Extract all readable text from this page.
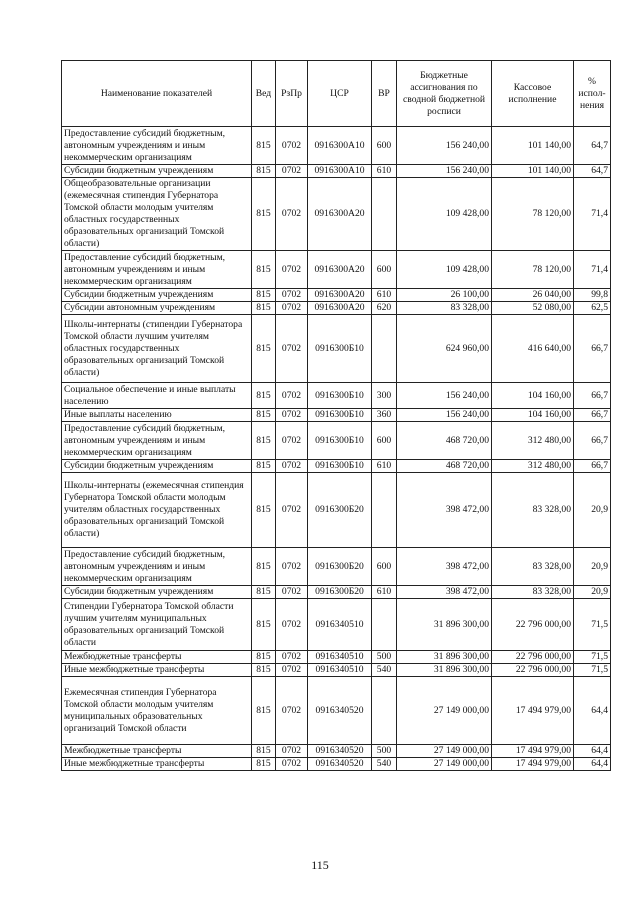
Наименование показателей	Вед	РзПр	ЦСР	ВР	Бюджетные ассигнования по сводной бюджетной росписи	Кассовое исполнение	% испол-нения
Предоставление субсидий бюджетным, автономным учреждениям и иным некоммерческим организациям	815	0702	0916300А10	600	156 240,00	101 140,00	64,7
Субсидии бюджетным учреждениям	815	0702	0916300А10	610	156 240,00	101 140,00	64,7
Общеобразовательные организации (ежемесячная стипендия Губернатора Томской области молодым учителям областных государственных образовательных организаций Томской области)	815	0702	0916300А20		109 428,00	78 120,00	71,4
Предоставление субсидий бюджетным, автономным учреждениям и иным некоммерческим организациям	815	0702	0916300А20	600	109 428,00	78 120,00	71,4
Субсидии бюджетным учреждениям	815	0702	0916300А20	610	26 100,00	26 040,00	99,8
Субсидии автономным учреждениям	815	0702	0916300А20	620	83 328,00	52 080,00	62,5
Школы-интернаты (стипендии Губернатора Томской области лучшим учителям областных государственных образовательных организаций Томской области)	815	0702	0916300Б10		624 960,00	416 640,00	66,7
Социальное обеспечение и иные выплаты населению	815	0702	0916300Б10	300	156 240,00	104 160,00	66,7
Иные выплаты населению	815	0702	0916300Б10	360	156 240,00	104 160,00	66,7
Предоставление субсидий бюджетным, автономным учреждениям и иным некоммерческим организациям	815	0702	0916300Б10	600	468 720,00	312 480,00	66,7
Субсидии бюджетным учреждениям	815	0702	0916300Б10	610	468 720,00	312 480,00	66,7
Школы-интернаты (ежемесячная стипендия Губернатора Томской области молодым учителям областных государственных образовательных организаций Томской области)	815	0702	0916300Б20		398 472,00	83 328,00	20,9
Предоставление субсидий бюджетным, автономным учреждениям и иным некоммерческим организациям	815	0702	0916300Б20	600	398 472,00	83 328,00	20,9
Субсидии бюджетным учреждениям	815	0702	0916300Б20	610	398 472,00	83 328,00	20,9
Стипендии Губернатора Томской области лучшим учителям муниципальных образовательных организаций Томской области	815	0702	0916340510		31 896 300,00	22 796 000,00	71,5
Межбюджетные трансферты	815	0702	0916340510	500	31 896 300,00	22 796 000,00	71,5
Иные межбюджетные трансферты	815	0702	0916340510	540	31 896 300,00	22 796 000,00	71,5
Ежемесячная стипендия Губернатора Томской области молодым учителям муниципальных образовательных организаций Томской области	815	0702	0916340520		27 149 000,00	17 494 979,00	64,4
Межбюджетные трансферты	815	0702	0916340520	500	27 149 000,00	17 494 979,00	64,4
Иные межбюджетные трансферты	815	0702	0916340520	540	27 149 000,00	17 494 979,00	64,4
115
